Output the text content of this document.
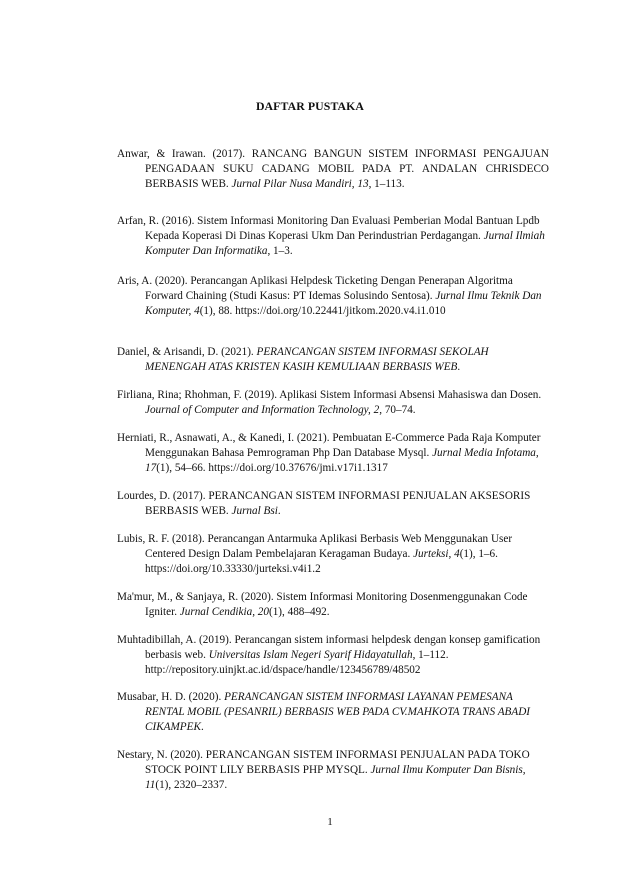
DAFTAR PUSTAKA

Anwar, & Irawan. (2017). RANCANG BANGUN SISTEM INFORMASI PENGAJUAN PENGADAAN SUKU CADANG MOBIL PADA PT. ANDALAN CHRISDECO BERBASIS WEB. Jurnal Pilar Nusa Mandiri, 13, 1–113.

Arfan, R. (2016). Sistem Informasi Monitoring Dan Evaluasi Pemberian Modal Bantuan Lpdb Kepada Koperasi Di Dinas Koperasi Ukm Dan Perindustrian Perdagangan. Jurnal Ilmiah Komputer Dan Informatika, 1–3.

Aris, A. (2020). Perancangan Aplikasi Helpdesk Ticketing Dengan Penerapan Algoritma Forward Chaining (Studi Kasus: PT Idemas Solusindo Sentosa). Jurnal Ilmu Teknik Dan Komputer, 4(1), 88. https://doi.org/10.22441/jitkom.2020.v4.i1.010

Daniel, & Arisandi, D. (2021). PERANCANGAN SISTEM INFORMASI SEKOLAH MENENGAH ATAS KRISTEN KASIH KEMULIAAN BERBASIS WEB.

Firliana, Rina; Rhohman, F. (2019). Aplikasi Sistem Informasi Absensi Mahasiswa dan Dosen. Journal of Computer and Information Technology, 2, 70–74.

Herniati, R., Asnawati, A., & Kanedi, I. (2021). Pembuatan E-Commerce Pada Raja Komputer Menggunakan Bahasa Pemrograman Php Dan Database Mysql. Jurnal Media Infotama, 17(1), 54–66. https://doi.org/10.37676/jmi.v17i1.1317

Lourdes, D. (2017). PERANCANGAN SISTEM INFORMASI PENJUALAN AKSESORIS BERBASIS WEB. Jurnal Bsi.

Lubis, R. F. (2018). Perancangan Antarmuka Aplikasi Berbasis Web Menggunakan User Centered Design Dalam Pembelajaran Keragaman Budaya. Jurteksi, 4(1), 1–6. https://doi.org/10.33330/jurteksi.v4i1.2

Ma'mur, M., & Sanjaya, R. (2020). Sistem Informasi Monitoring Dosenmenggunakan Code Igniter. Jurnal Cendikia, 20(1), 488–492.

Muhtadibillah, A. (2019). Perancangan sistem informasi helpdesk dengan konsep gamification berbasis web. Universitas Islam Negeri Syarif Hidayatullah, 1–112. http://repository.uinjkt.ac.id/dspace/handle/123456789/48502

Musabar, H. D. (2020). PERANCANGAN SISTEM INFORMASI LAYANAN PEMESANA RENTAL MOBIL (PESANRIL) BERBASIS WEB PADA CV.MAHKOTA TRANS ABADI CIKAMPEK.

Nestary, N. (2020). PERANCANGAN SISTEM INFORMASI PENJUALAN PADA TOKO STOCK POINT LILY BERBASIS PHP MYSQL. Jurnal Ilmu Komputer Dan Bisnis, 11(1), 2320–2337.

1
